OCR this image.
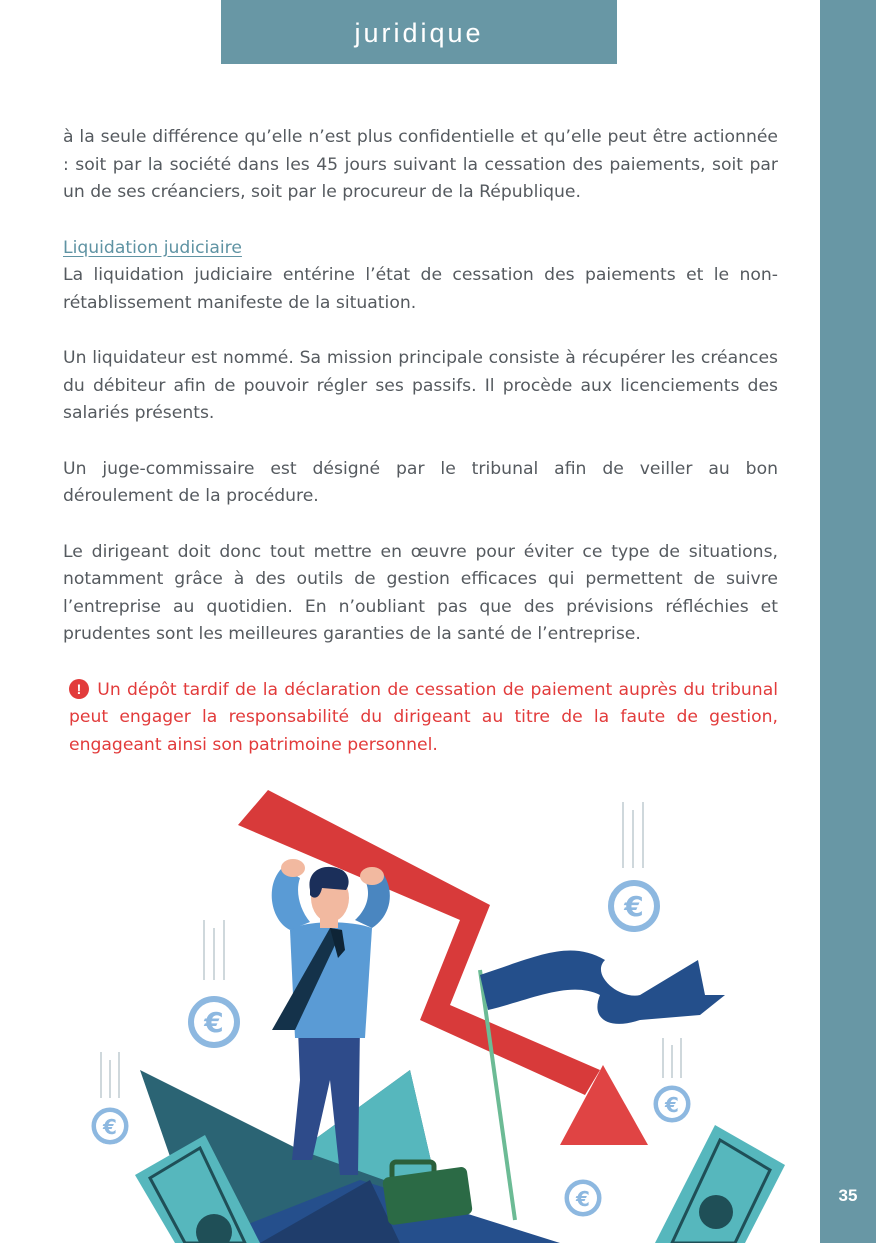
35
juridique

à la seule différence qu’elle n’est plus confidentielle et qu’elle peut être actionnée : soit par la société dans les 45 jours suivant la cessation des paiements, soit par un de ses créanciers, soit par le procureur de la République.

Liquidation judiciaire
La liquidation judiciaire entérine l’état de cessation des paiements et le non-rétablissement manifeste de la situation.

Un liquidateur est nommé. Sa mission principale consiste à récupérer les créances du débiteur afin de pouvoir régler ses passifs. Il procède aux licenciements des salariés présents.

Un juge-commissaire est désigné par le tribunal afin de veiller au bon déroulement de la procédure.

Le dirigeant doit donc tout mettre en œuvre pour éviter ce type de situations, notamment grâce à des outils de gestion efficaces qui permettent de suivre l’entreprise au quotidien. En n’oubliant pas que des prévisions réfléchies et prudentes sont les meilleures garanties de la santé de l’entreprise.

! Un dépôt tardif de la déclaration de cessation de paiement auprès du tribunal peut engager la responsabilité du dirigeant au titre de la faute de gestion, engageant ainsi son patrimoine personnel.
€
€
€
€
€
